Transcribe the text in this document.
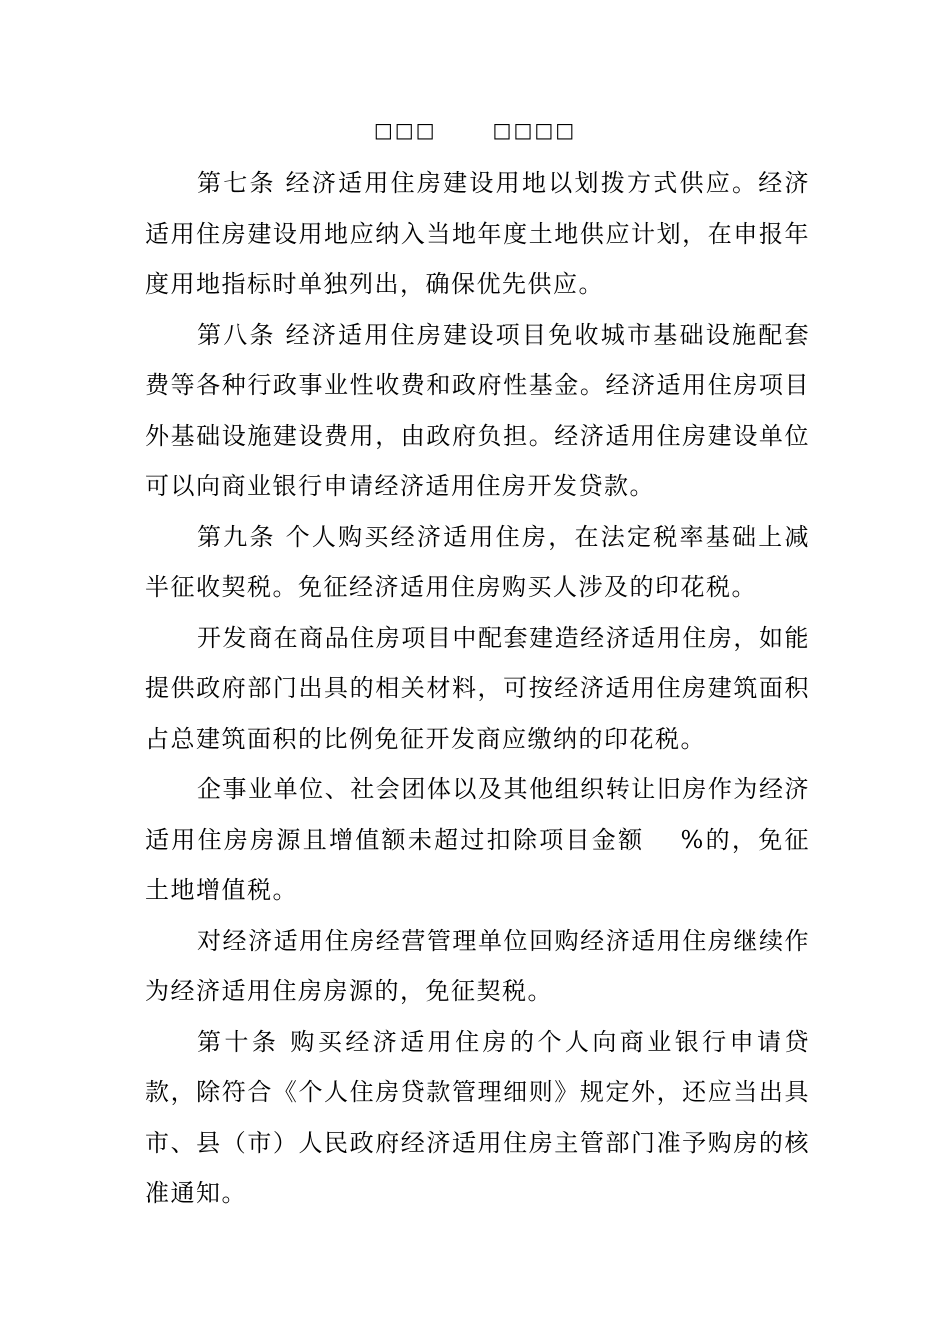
□□□	□□□□

第七条 经济适用住房建设用地以划拨方式供应。经济适用住房建设用地应纳入当地年度土地供应计划，在申报年度用地指标时单独列出，确保优先供应。

第八条 经济适用住房建设项目免收城市基础设施配套费等各种行政事业性收费和政府性基金。经济适用住房项目外基础设施建设费用，由政府负担。经济适用住房建设单位可以向商业银行申请经济适用住房开发贷款。

第九条 个人购买经济适用住房，在法定税率基础上减半征收契税。免征经济适用住房购买人涉及的印花税。

开发商在商品住房项目中配套建造经济适用住房，如能提供政府部门出具的相关材料，可按经济适用住房建筑面积占总建筑面积的比例免征开发商应缴纳的印花税。

企事业单位、社会团体以及其他组织转让旧房作为经济适用住房房源且增值额未超过扣除项目金额　 %的，免征土地增值税。

对经济适用住房经营管理单位回购经济适用住房继续作为经济适用住房房源的，免征契税。

第十条 购买经济适用住房的个人向商业银行申请贷款，除符合《个人住房贷款管理细则》规定外，还应当出具市、县（市）人民政府经济适用住房主管部门准予购房的核准通知。
